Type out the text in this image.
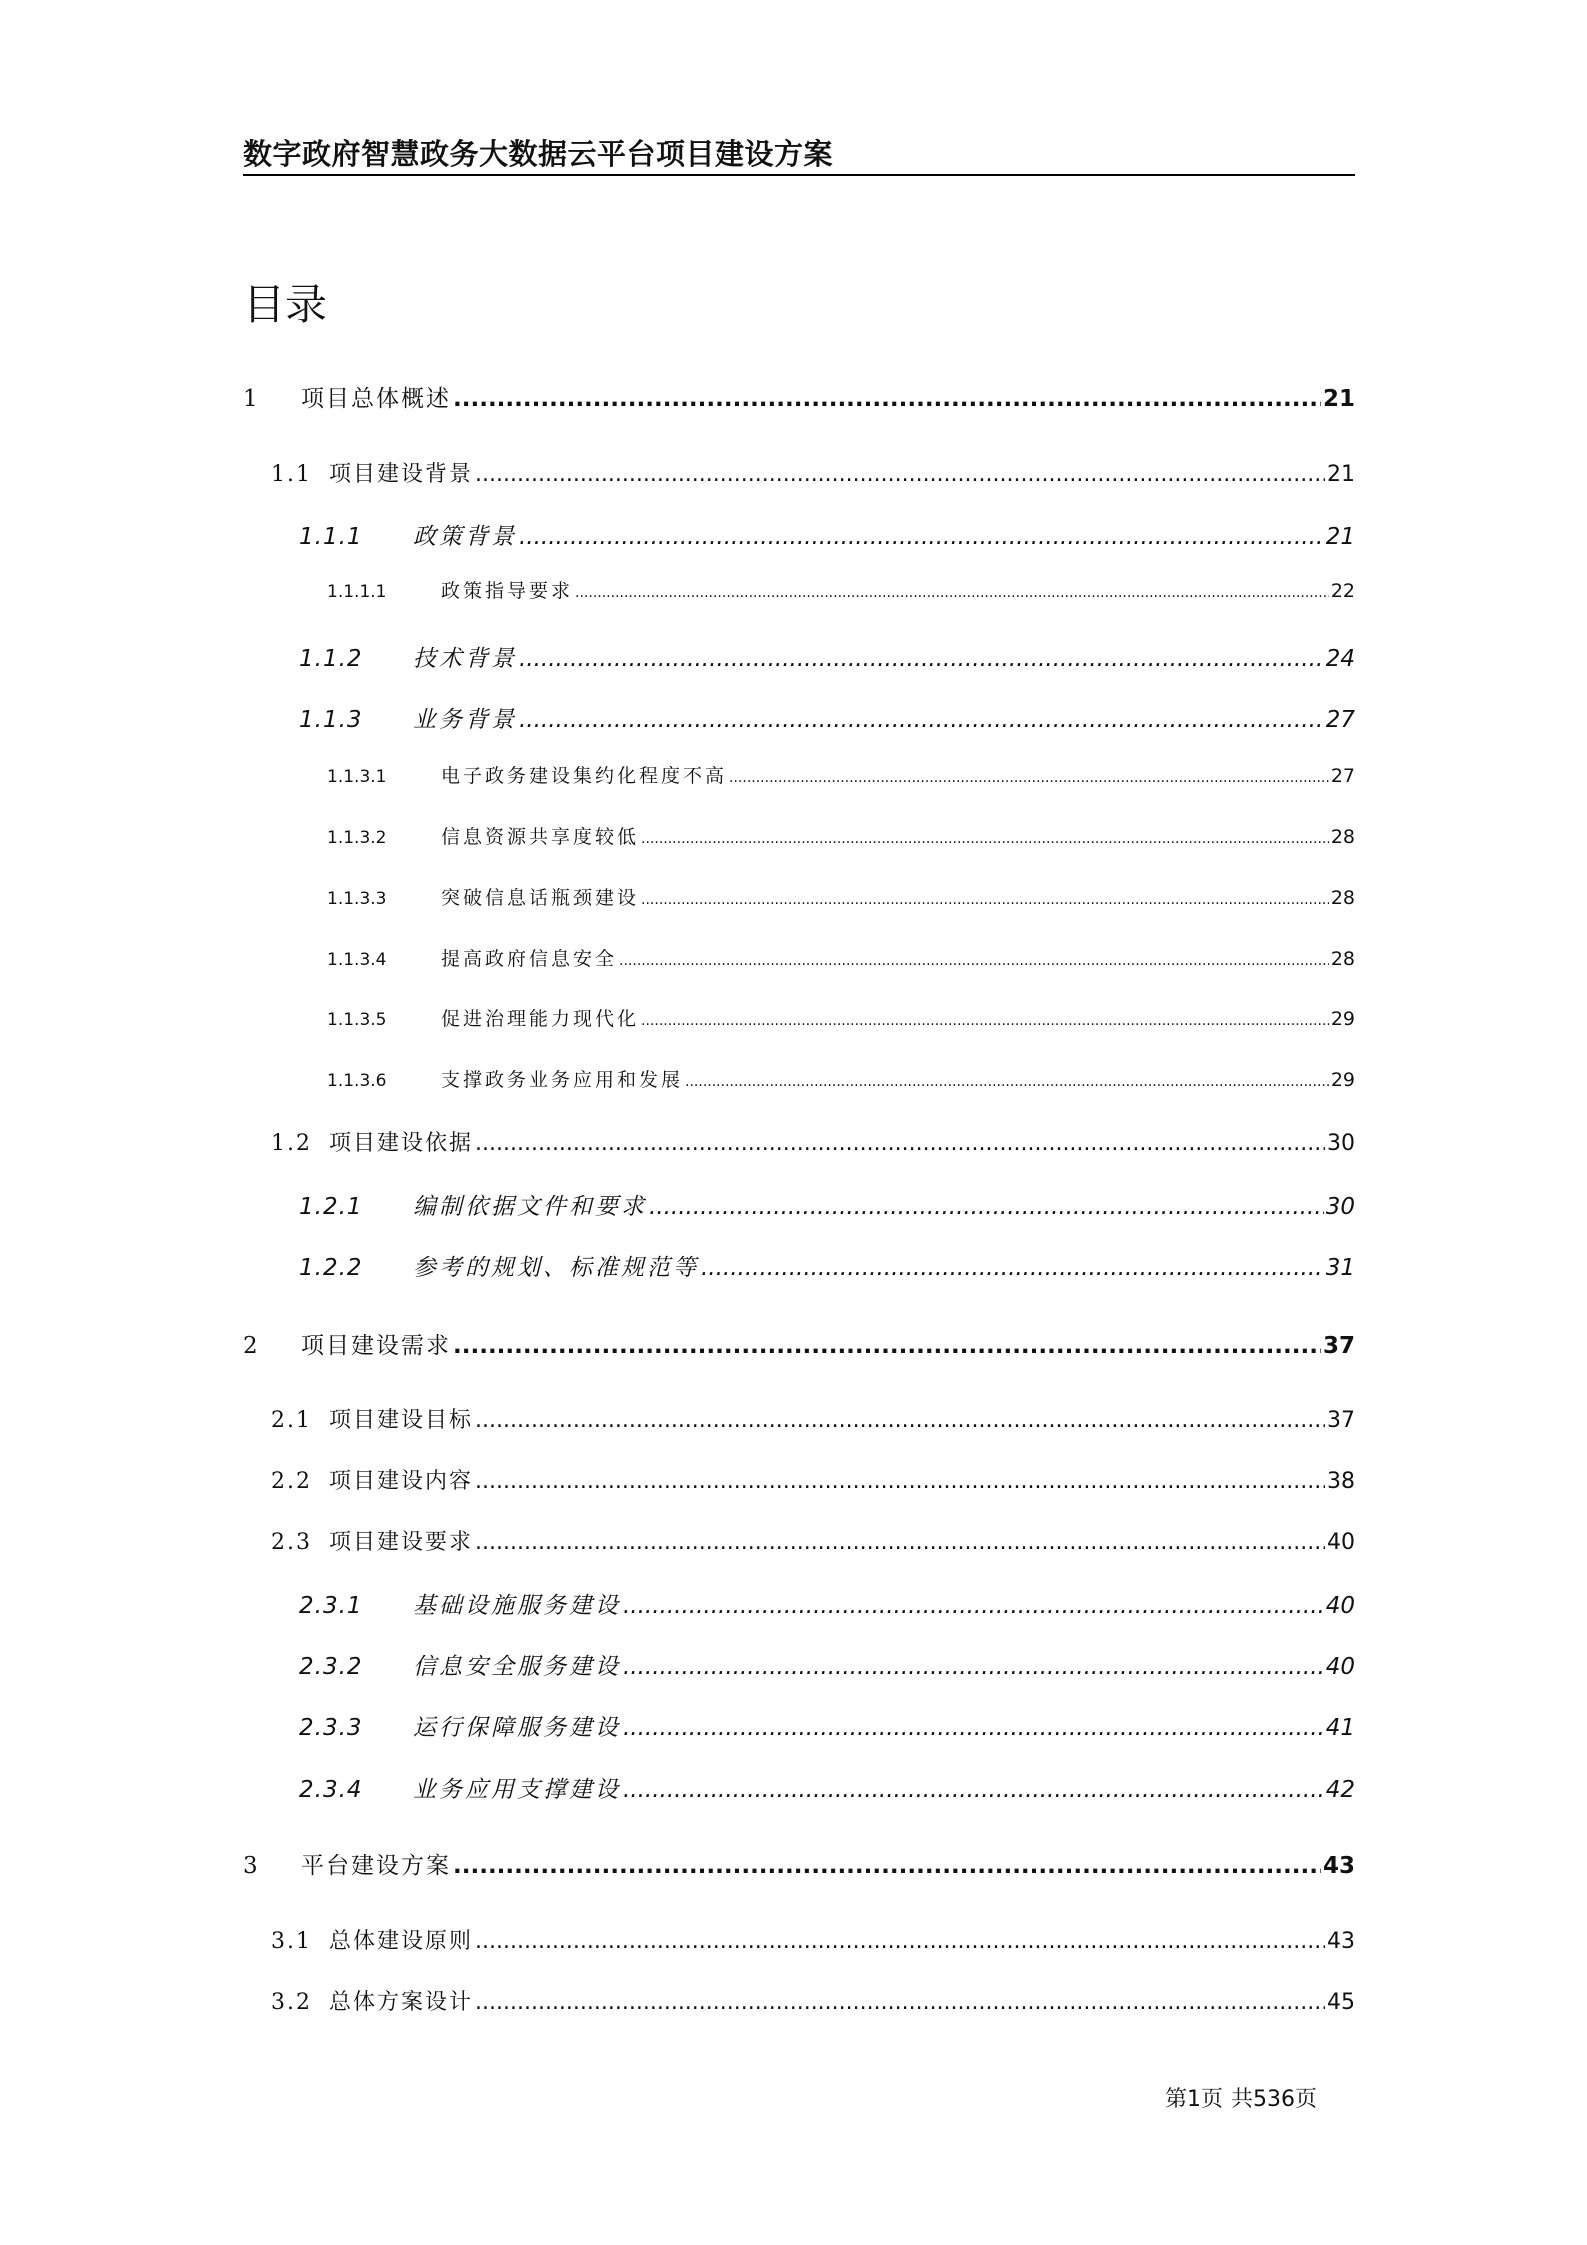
数字政府智慧政务大数据云平台项目建设方案
目录
1	项目总体概述 .....	21
1.1 项目建设背景 .....	21
1.1.1	政策背景 .....	21
1.1.1.1	政策指导要求 .....	22
1.1.2	技术背景 .....	24
1.1.3	业务背景 .....	27
1.1.3.1	电子政务建设集约化程度不高 .....	27
1.1.3.2	信息资源共享度较低 .....	28
1.1.3.3	突破信息话瓶颈建设 .....	28
1.1.3.4	提高政府信息安全 .....	28
1.1.3.5	促进治理能力现代化 .....	29
1.1.3.6	支撑政务业务应用和发展 .....	29
1.2 项目建设依据 .....	30
1.2.1	编制依据文件和要求 .....	30
1.2.2	参考的规划、标准规范等 .....	31
2	项目建设需求 .....	37
2.1 项目建设目标 .....	37
2.2 项目建设内容 .....	38
2.3 项目建设要求 .....	40
2.3.1	基础设施服务建设 .....	40
2.3.2	信息安全服务建设 .....	40
2.3.3	运行保障服务建设 .....	41
2.3.4	业务应用支撑建设 .....	42
3	平台建设方案 .....	43
3.1 总体建设原则 .....	43
3.2 总体方案设计 .....	45
第1页 共536页
